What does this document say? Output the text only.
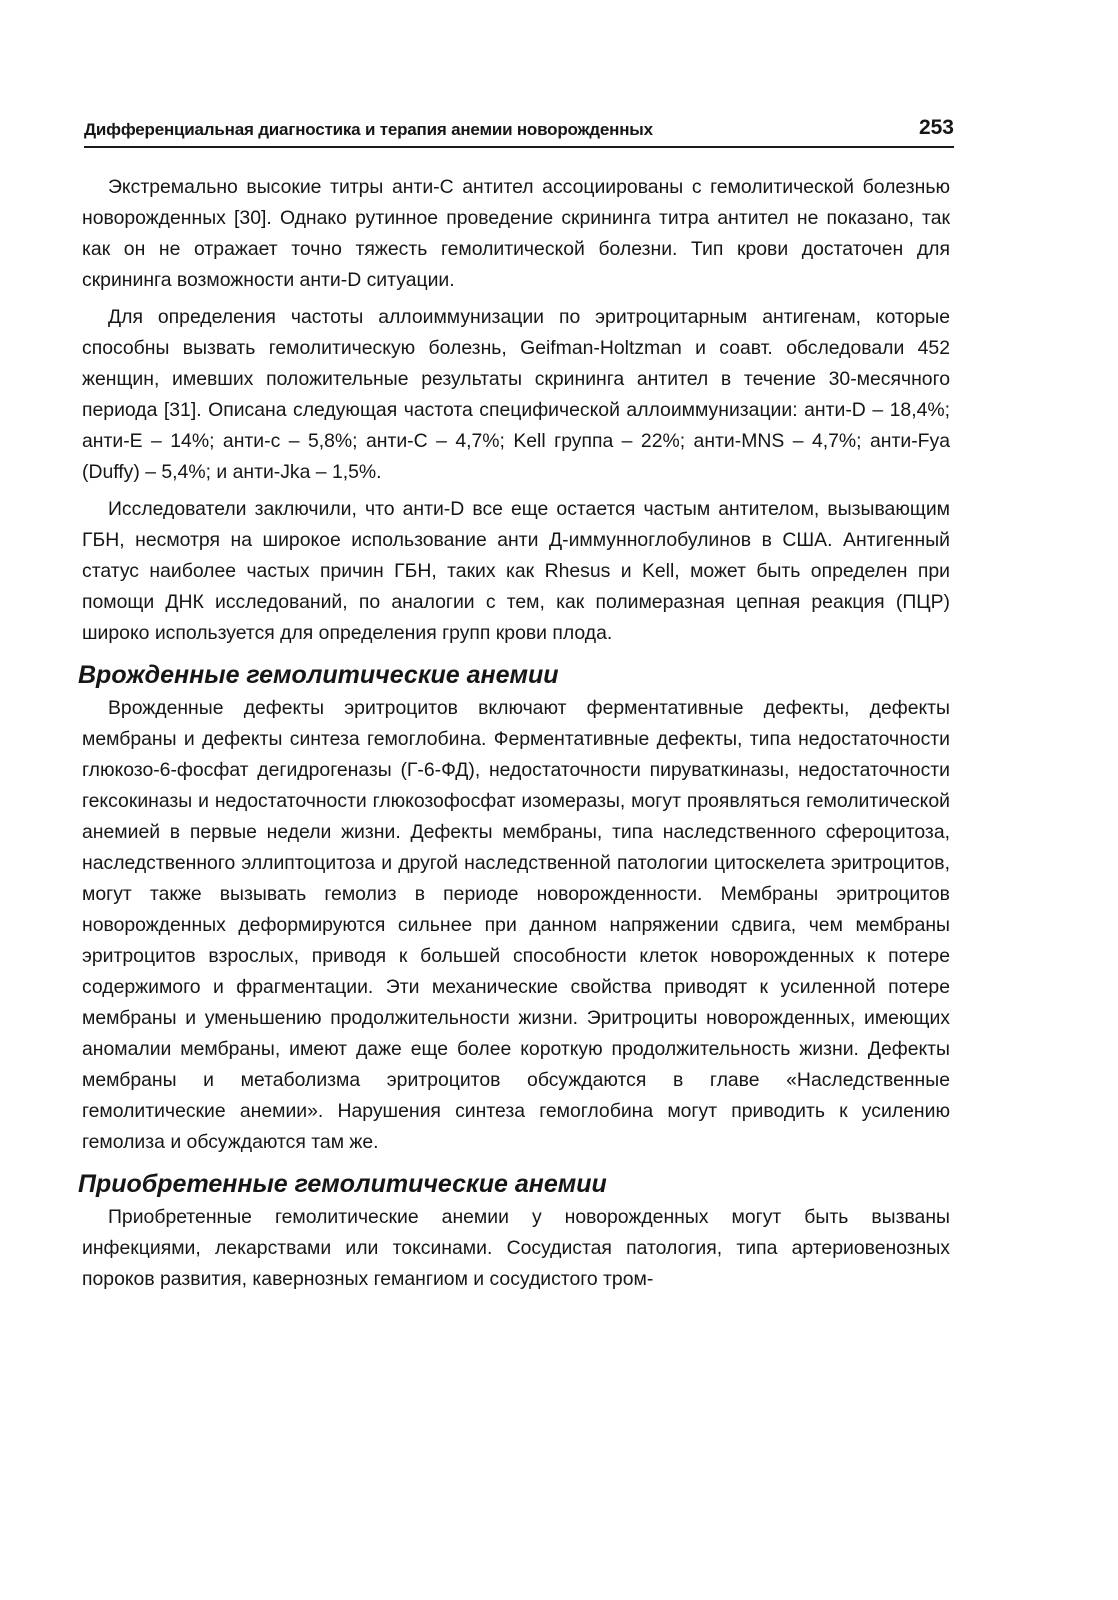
Дифференциальная диагностика и терапия анемии новорожденных	253

Экстремально высокие титры анти-С антител ассоциированы с гемолитической болезнью новорожденных [30]. Однако рутинное проведение скрининга титра антител не показано, так как он не отражает точно тяжесть гемолитической болезни. Тип крови достаточен для скрининга возможности анти-D ситуации.

Для определения частоты аллоиммунизации по эритроцитарным антигенам, которые способны вызвать гемолитическую болезнь, Geifman-Holtzman и соавт. обследовали 452 женщин, имевших положительные результаты скрининга антител в течение 30-месячного периода [31]. Описана следующая частота специфической аллоиммунизации: анти-D – 18,4%; анти-E – 14%; анти-c – 5,8%; анти-C – 4,7%; Kell группа – 22%; анти-MNS – 4,7%; анти-Fya (Duffy) – 5,4%; и анти-Jka – 1,5%.

Исследователи заключили, что анти-D все еще остается частым антителом, вызывающим ГБН, несмотря на широкое использование анти Д-иммунноглобулинов в США. Антигенный статус наиболее частых причин ГБН, таких как Rhesus и Kell, может быть определен при помощи ДНК исследований, по аналогии с тем, как полимеразная цепная реакция (ПЦР) широко используется для определения групп крови плода.

Врожденные гемолитические анемии

Врожденные дефекты эритроцитов включают ферментативные дефекты, дефекты мембраны и дефекты синтеза гемоглобина. Ферментативные дефекты, типа недостаточности глюкозо-6-фосфат дегидрогеназы (Г-6-ФД), недостаточности пируваткиназы, недостаточности гексокиназы и недостаточности глюкозофосфат изомеразы, могут проявляться гемолитической анемией в первые недели жизни. Дефекты мембраны, типа наследственного сфероцитоза, наследственного эллиптоцитоза и другой наследственной патологии цитоскелета эритроцитов, могут также вызывать гемолиз в периоде новорожденности. Мембраны эритроцитов новорожденных деформируются сильнее при данном напряжении сдвига, чем мембраны эритроцитов взрослых, приводя к большей способности клеток новорожденных к потере содержимого и фрагментации. Эти механические свойства приводят к усиленной потере мембраны и уменьшению продолжительности жизни. Эритроциты новорожденных, имеющих аномалии мембраны, имеют даже еще более короткую продолжительность жизни. Дефекты мембраны и метаболизма эритроцитов обсуждаются в главе «Наследственные гемолитические анемии». Нарушения синтеза гемоглобина могут приводить к усилению гемолиза и обсуждаются там же.

Приобретенные гемолитические анемии

Приобретенные гемолитические анемии у новорожденных могут быть вызваны инфекциями, лекарствами или токсинами. Сосудистая патология, типа артериовенозных пороков развития, кавернозных гемангиом и сосудистого тром-
